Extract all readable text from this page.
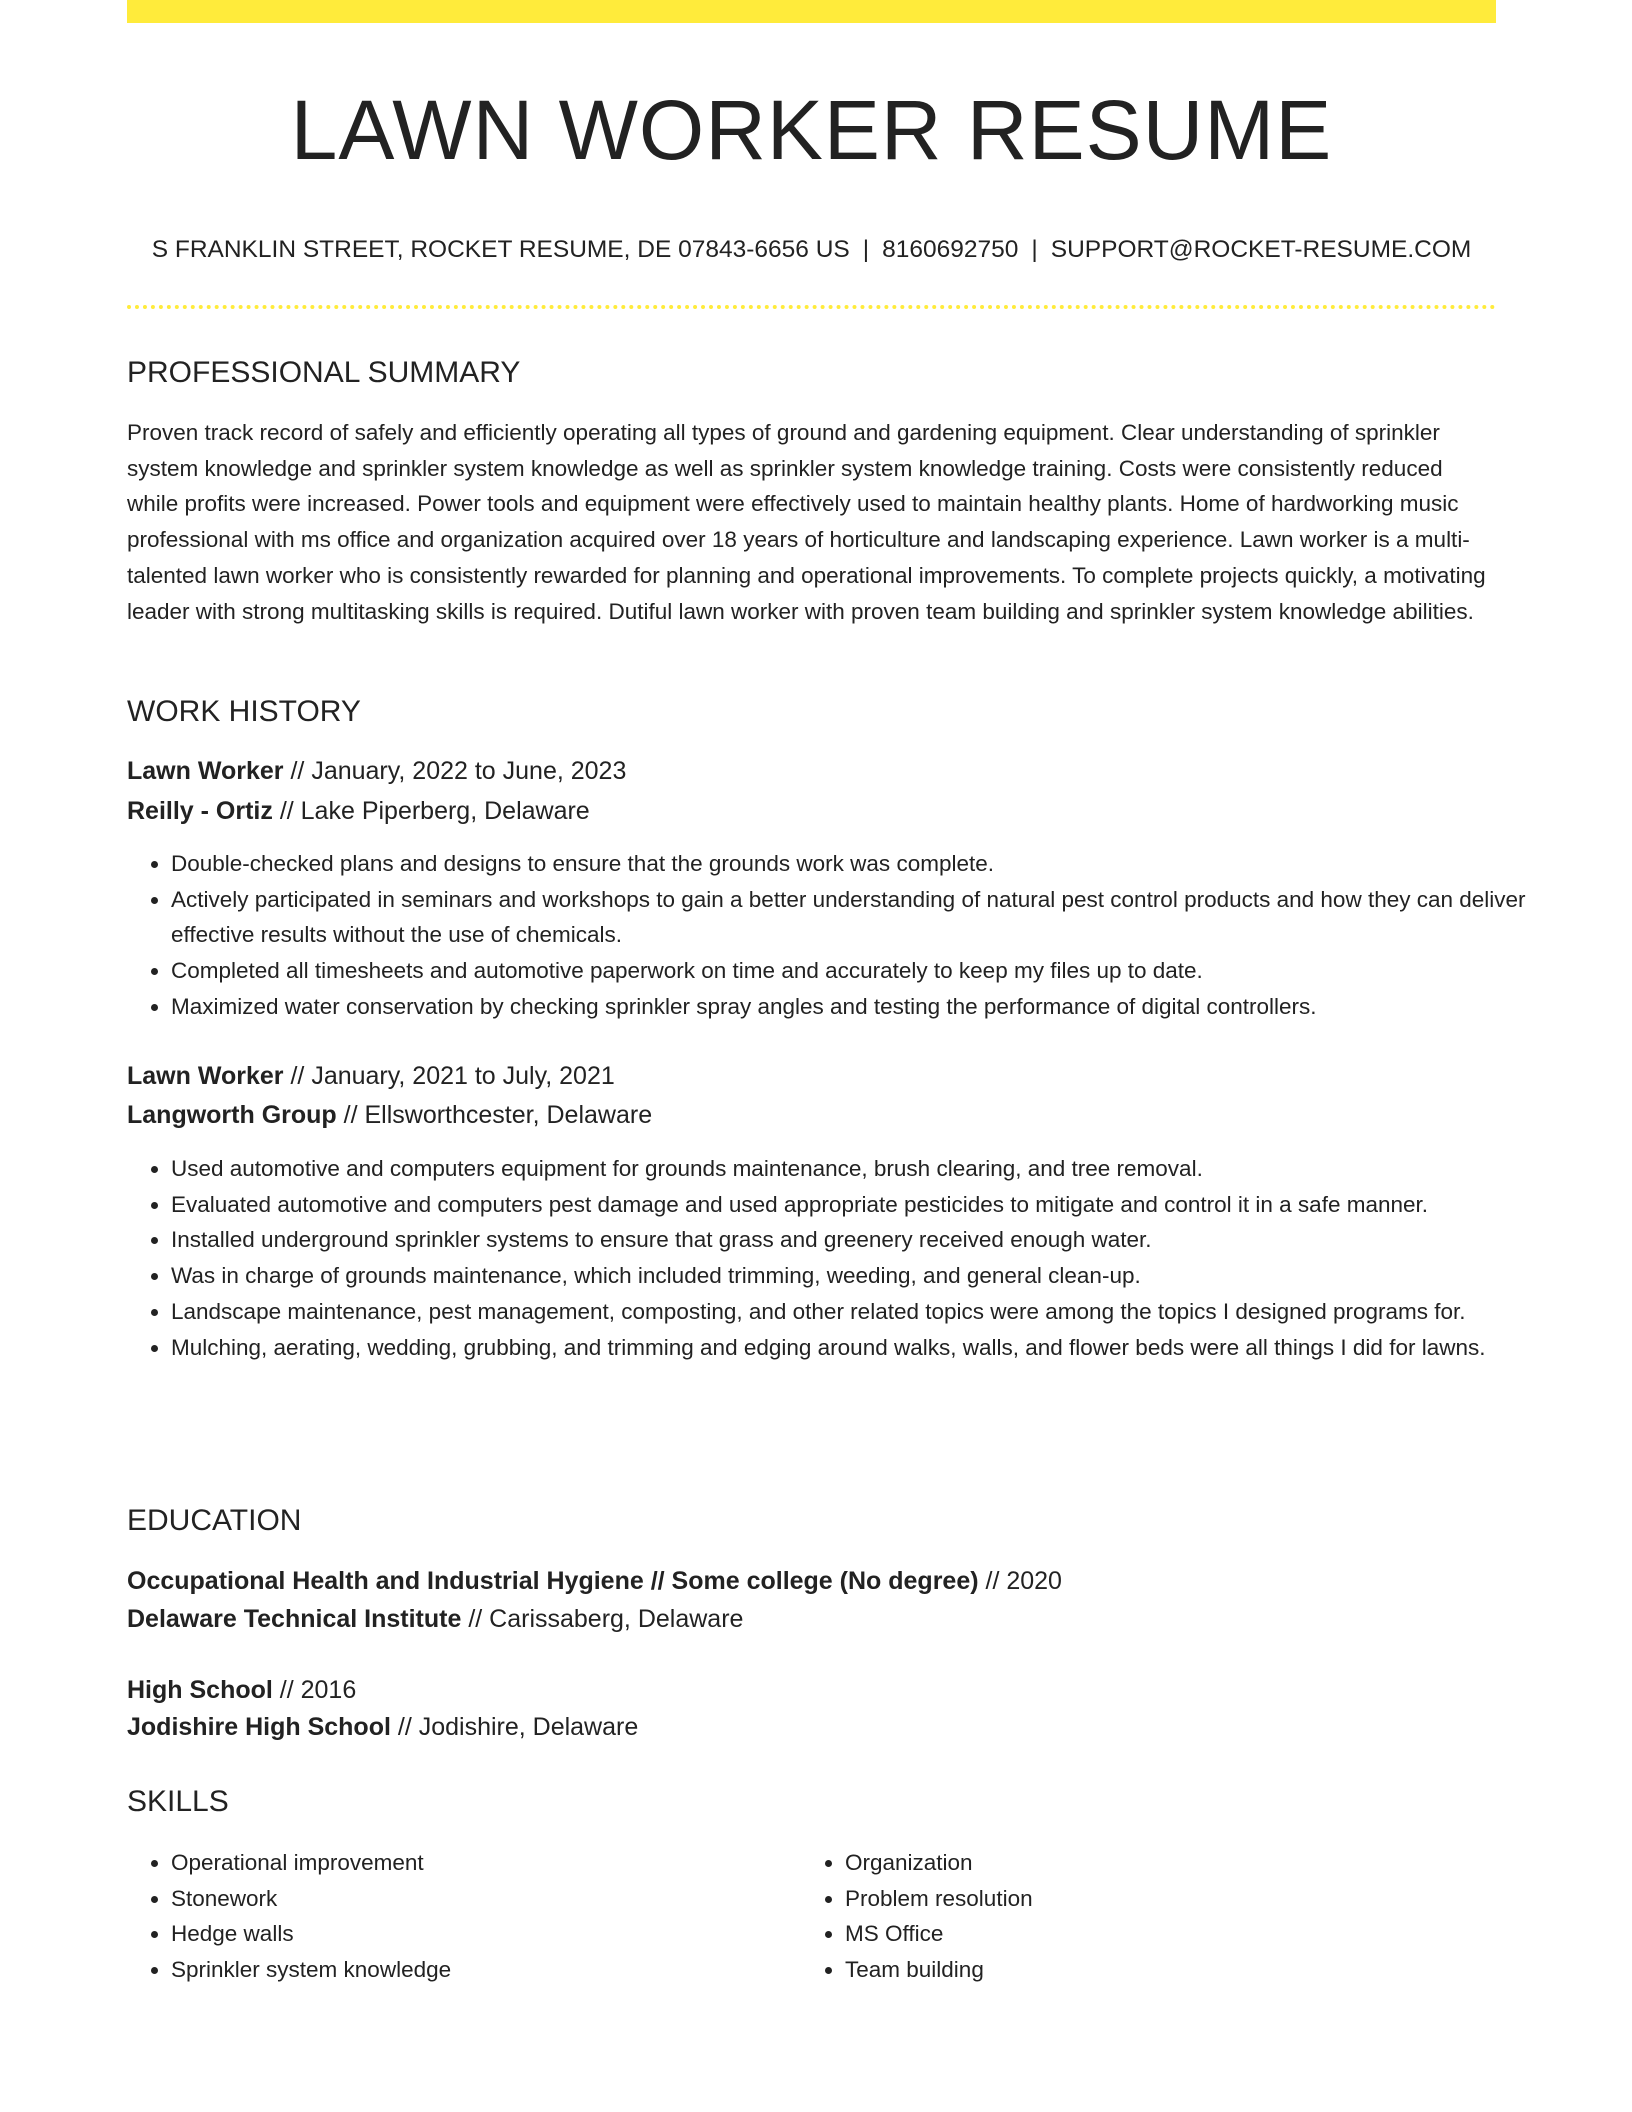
LAWN WORKER RESUME
S FRANKLIN STREET, ROCKET RESUME, DE 07843-6656 US | 8160692750 | SUPPORT@ROCKET-RESUME.COM
PROFESSIONAL SUMMARY

Proven track record of safely and efficiently operating all types of ground and gardening equipment. Clear understanding of sprinkler system knowledge and sprinkler system knowledge as well as sprinkler system knowledge training. Costs were consistently reduced while profits were increased. Power tools and equipment were effectively used to maintain healthy plants. Home of hardworking music professional with ms office and organization acquired over 18 years of horticulture and landscaping experience. Lawn worker is a multi-talented lawn worker who is consistently rewarded for planning and operational improvements. To complete projects quickly, a motivating leader with strong multitasking skills is required. Dutiful lawn worker with proven team building and sprinkler system knowledge abilities.

WORK HISTORY
Lawn Worker // January, 2022 to June, 2023
Reilly - Ortiz // Lake Piperberg, Delaware
• Double-checked plans and designs to ensure that the grounds work was complete.
• Actively participated in seminars and workshops to gain a better understanding of natural pest control products and how they can deliver effective results without the use of chemicals.
• Completed all timesheets and automotive paperwork on time and accurately to keep my files up to date.
• Maximized water conservation by checking sprinkler spray angles and testing the performance of digital controllers.
Lawn Worker // January, 2021 to July, 2021
Langworth Group // Ellsworthcester, Delaware
• Used automotive and computers equipment for grounds maintenance, brush clearing, and tree removal.
• Evaluated automotive and computers pest damage and used appropriate pesticides to mitigate and control it in a safe manner.
• Installed underground sprinkler systems to ensure that grass and greenery received enough water.
• Was in charge of grounds maintenance, which included trimming, weeding, and general clean-up.
• Landscape maintenance, pest management, composting, and other related topics were among the topics I designed programs for.
• Mulching, aerating, wedding, grubbing, and trimming and edging around walks, walls, and flower beds were all things I did for lawns.
EDUCATION
Occupational Health and Industrial Hygiene // Some college (No degree) // 2020
Delaware Technical Institute // Carissaberg, Delaware
High School // 2016
Jodishire High School // Jodishire, Delaware
SKILLS
• Operational improvement
• Stonework
• Hedge walls
• Sprinkler system knowledge
• Organization
• Problem resolution
• MS Office
• Team building
